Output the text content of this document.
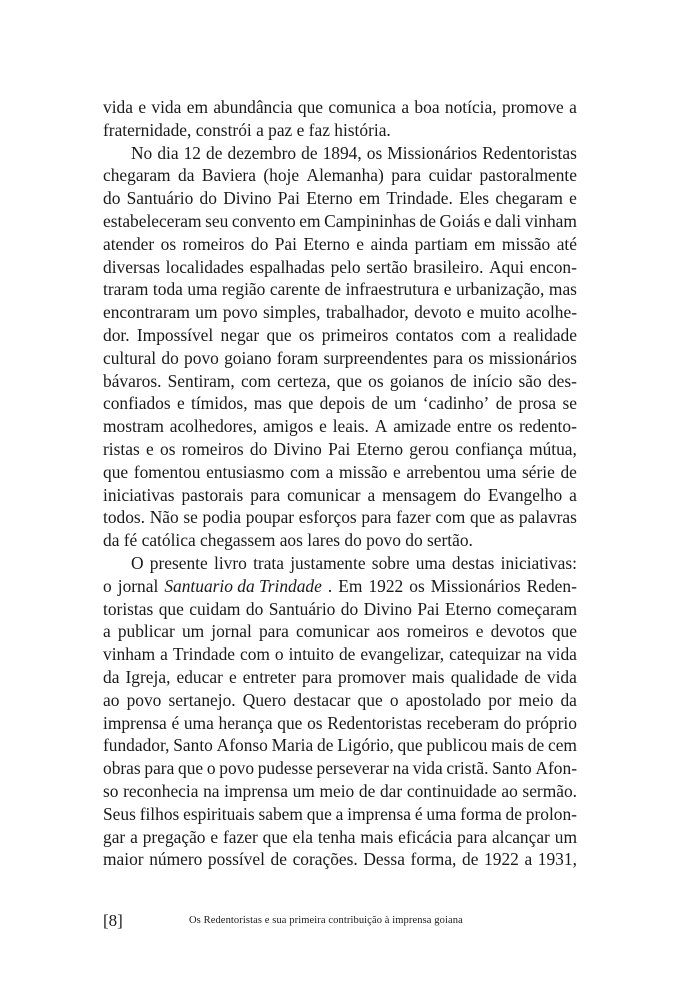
vida e vida em abundância que comunica a boa notícia, promove a
fraternidade, constrói a paz e faz história.
No dia 12 de dezembro de 1894, os Missionários Redentoristas
chegaram da Baviera (hoje Alemanha) para cuidar pastoralmente
do Santuário do Divino Pai Eterno em Trindade. Eles chegaram e
estabeleceram seu convento em Campininhas de Goiás e dali vinham
atender os romeiros do Pai Eterno e ainda partiam em missão até
diversas localidades espalhadas pelo sertão brasileiro. Aqui encon-
traram toda uma região carente de infraestrutura e urbanização, mas
encontraram um povo simples, trabalhador, devoto e muito acolhe-
dor. Impossível negar que os primeiros contatos com a realidade
cultural do povo goiano foram surpreendentes para os missionários
bávaros. Sentiram, com certeza, que os goianos de início são des-
confiados e tímidos, mas que depois de um ‘cadinho’ de prosa se
mostram acolhedores, amigos e leais. A amizade entre os redento-
ristas e os romeiros do Divino Pai Eterno gerou confiança mútua,
que fomentou entusiasmo com a missão e arrebentou uma série de
iniciativas pastorais para comunicar a mensagem do Evangelho a
todos. Não se podia poupar esforços para fazer com que as palavras
da fé católica chegassem aos lares do povo do sertão.
O presente livro trata justamente sobre uma destas iniciativas:
o jornal Santuario da Trindade . Em 1922 os Missionários Reden-
toristas que cuidam do Santuário do Divino Pai Eterno começaram
a publicar um jornal para comunicar aos romeiros e devotos que
vinham a Trindade com o intuito de evangelizar, catequizar na vida
da Igreja, educar e entreter para promover mais qualidade de vida
ao povo sertanejo. Quero destacar que o apostolado por meio da
imprensa é uma herança que os Redentoristas receberam do próprio
fundador, Santo Afonso Maria de Ligório, que publicou mais de cem
obras para que o povo pudesse perseverar na vida cristã. Santo Afon-
so reconhecia na imprensa um meio de dar continuidade ao sermão.
Seus filhos espirituais sabem que a imprensa é uma forma de prolon-
gar a pregação e fazer que ela tenha mais eficácia para alcançar um
maior número possível de corações. Dessa forma, de 1922 a 1931,
[8]	Os Redentoristas e sua primeira contribuição à imprensa goiana
